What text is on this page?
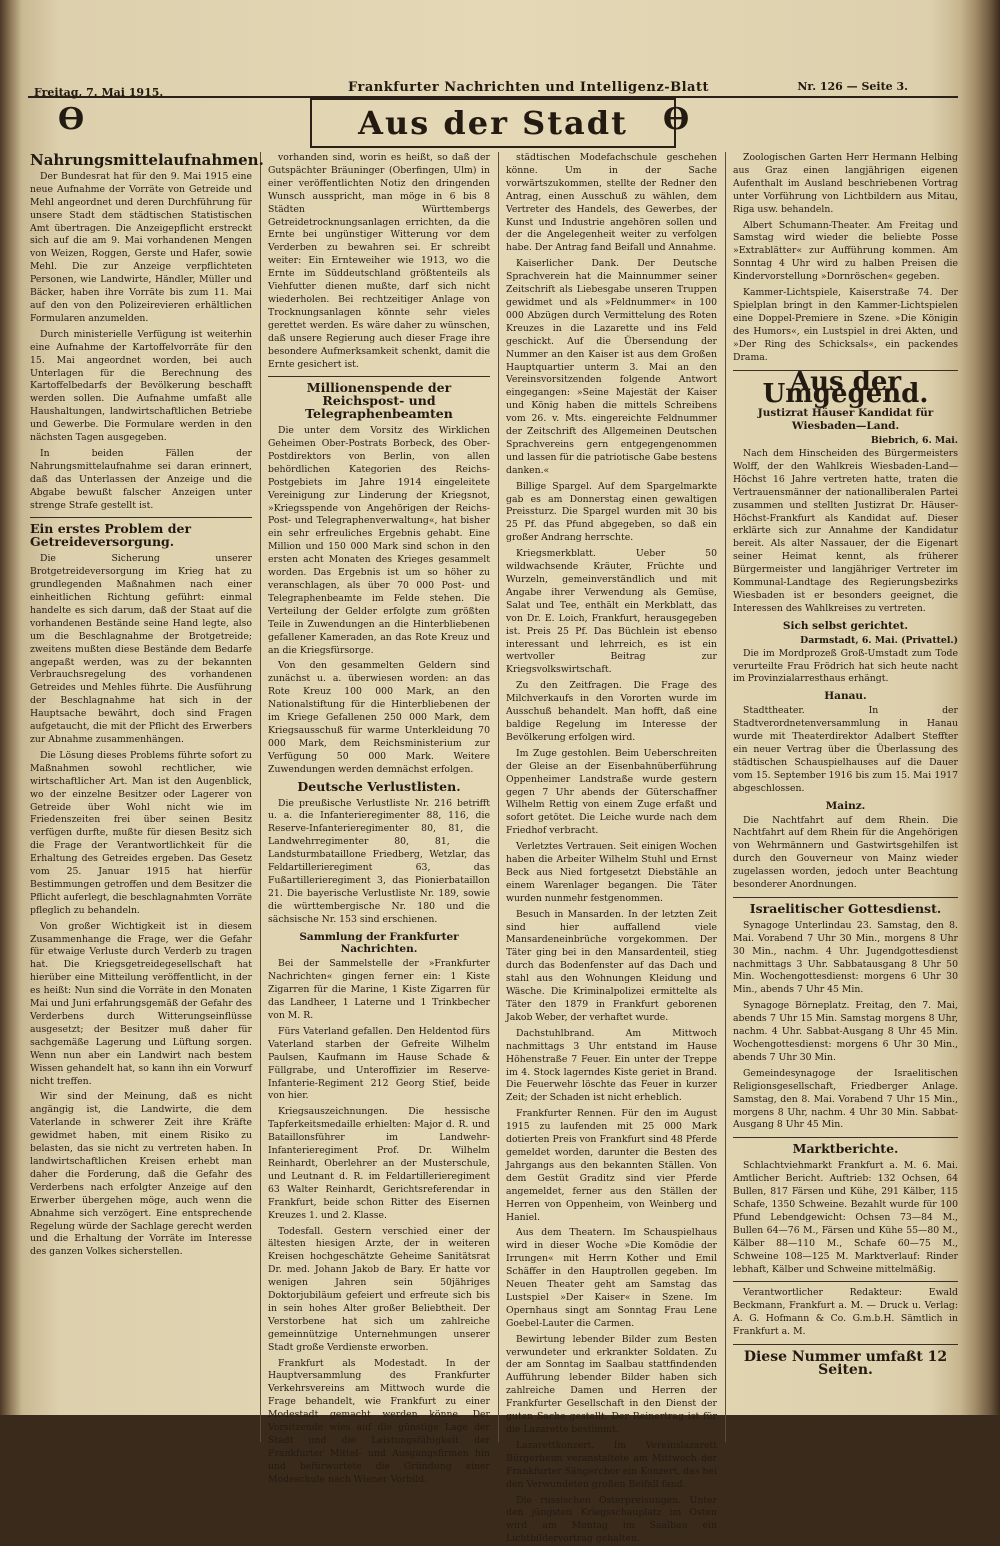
Freitag, 7. Mai 1915.	Frankfurter Nachrichten und Intelligenz-Blatt	Nr. 126 — Seite 3.
Ɵ	Aus der Stadt Ɵ
Nahrungsmittelaufnahmen.

Der Bundesrat hat für den 9. Mai 1915 eine neue Aufnahme der Vorräte von Getreide und Mehl angeordnet und deren Durchführung für unsere Stadt dem städtischen Statistischen Amt übertragen. Die Anzeigepflicht erstreckt sich auf die am 9. Mai vorhandenen Mengen von Weizen, Roggen, Gerste und Hafer, sowie Mehl. Die zur Anzeige verpflichteten Personen, wie Landwirte, Händler, Müller und Bäcker, haben ihre Vorräte bis zum 11. Mai auf den von den Polizeirevieren erhältlichen Formularen anzumelden.

Durch ministerielle Verfügung ist weiterhin eine Aufnahme der Kartoffelvorräte für den 15. Mai angeordnet worden, bei auch Unterlagen für die Berechnung des Kartoffelbedarfs der Bevölkerung beschafft werden sollen. Die Aufnahme umfaßt alle Haushaltungen, landwirtschaftlichen Betriebe und Gewerbe. Die Formulare werden in den nächsten Tagen ausgegeben.

In beiden Fällen der Nahrungsmittelaufnahme sei daran erinnert, daß das Unterlassen der Anzeige und die Abgabe bewußt falscher Anzeigen unter strenge Strafe gestellt ist.

Ein erstes Problem der Getreideversorgung.

Die Sicherung unserer Brotgetreideversorgung im Krieg hat zu grundlegenden Maßnahmen nach einer einheitlichen Richtung geführt: einmal handelte es sich darum, daß der Staat auf die vorhandenen Bestände seine Hand legte, also um die Beschlagnahme der Brotgetreide; zweitens mußten diese Bestände dem Bedarfe angepaßt werden, was zu der bekannten Verbrauchsregelung des vorhandenen Getreides und Mehles führte. Die Ausführung der Beschlagnahme hat sich in der Hauptsache bewährt, doch sind Fragen aufgetaucht, die mit der Pflicht des Erwerbers zur Abnahme zusammenhängen.

Die Lösung dieses Problems führte sofort zu Maßnahmen sowohl rechtlicher, wie wirtschaftlicher Art. Man ist den Augenblick, wo der einzelne Besitzer oder Lagerer von Getreide über Wohl nicht wie im Friedenszeiten frei über seinen Besitz verfügen durfte, mußte für diesen Besitz sich die Frage der Verantwortlichkeit für die Erhaltung des Getreides ergeben. Das Gesetz vom 25. Januar 1915 hat hierfür Bestimmungen getroffen und dem Besitzer die Pflicht auferlegt, die beschlagnahmten Vorräte pfleglich zu behandeln.

Von großer Wichtigkeit ist in diesem Zusammenhange die Frage, wer die Gefahr für etwaige Verluste durch Verderb zu tragen hat. Die Kriegsgetreidegesellschaft hat hierüber eine Mitteilung veröffentlicht, in der es heißt: Nun sind die Vorräte in den Monaten Mai und Juni erfahrungsgemäß der Gefahr des Verderbens durch Witterungseinflüsse ausgesetzt; der Besitzer muß daher für sachgemäße Lagerung und Lüftung sorgen. Wenn nun aber ein Landwirt nach bestem Wissen gehandelt hat, so kann ihn ein Vorwurf nicht treffen.

Wir sind der Meinung, daß es nicht angängig ist, die Landwirte, die dem Vaterlande in schwerer Zeit ihre Kräfte gewidmet haben, mit einem Risiko zu belasten, das sie nicht zu vertreten haben. In landwirtschaftlichen Kreisen erhebt man daher die Forderung, daß die Gefahr des Verderbens nach erfolgter Anzeige auf den Erwerber übergehen möge, auch wenn die Abnahme sich verzögert. Eine entsprechende Regelung würde der Sachlage gerecht werden und die Erhaltung der Vorräte im Interesse des ganzen Volkes sicherstellen.

vorhanden sind, worin es heißt, so daß der Gutspächter Bräuninger (Oberfingen, Ulm) in einer veröffentlichten Notiz den dringenden Wunsch ausspricht, man möge in 6 bis 8 Städten Württembergs Getreidetrocknungsanlagen errichten, da die Ernte bei ungünstiger Witterung vor dem Verderben zu bewahren sei. Er schreibt weiter: Ein Ernteweiher wie 1913, wo die Ernte im Süddeutschland größtenteils als Viehfutter dienen mußte, darf sich nicht wiederholen. Bei rechtzeitiger Anlage von Trocknungsanlagen könnte sehr vieles gerettet werden. Es wäre daher zu wünschen, daß unsere Regierung auch dieser Frage ihre besondere Aufmerksamkeit schenkt, damit die Ernte gesichert ist.

Millionenspende der Reichspost- und Telegraphenbeamten

Die unter dem Vorsitz des Wirklichen Geheimen Ober-Postrats Borbeck, des Ober-Postdirektors von Berlin, von allen behördlichen Kategorien des Reichs-Postgebiets im Jahre 1914 eingeleitete Vereinigung zur Linderung der Kriegsnot, »Kriegsspende von Angehörigen der Reichs-Post- und Telegraphenverwaltung«, hat bisher ein sehr erfreuliches Ergebnis gehabt. Eine Million und 150 000 Mark sind schon in den ersten acht Monaten des Krieges gesammelt worden. Das Ergebnis ist um so höher zu veranschlagen, als über 70 000 Post- und Telegraphenbeamte im Felde stehen. Die Verteilung der Gelder erfolgte zum größten Teile in Zuwendungen an die Hinterbliebenen gefallener Kameraden, an das Rote Kreuz und an die Kriegsfürsorge.

Von den gesammelten Geldern sind zunächst u. a. überwiesen worden: an das Rote Kreuz 100 000 Mark, an den Nationalstiftung für die Hinterbliebenen der im Kriege Gefallenen 250 000 Mark, dem Kriegsausschuß für warme Unterkleidung 70 000 Mark, dem Reichsministerium zur Verfügung 50 000 Mark. Weitere Zuwendungen werden demnächst erfolgen.

Deutsche Verlustlisten.

Die preußische Verlustliste Nr. 216 betrifft u. a. die Infanterieregimenter 88, 116, die Reserve-Infanterieregimenter 80, 81, die Landwehrregimenter 80, 81, die Landsturmbataillone Friedberg, Wetzlar, das Feldartillerieregiment 63, das Fußartillerieregiment 3, das Pionierbataillon 21. Die bayerische Verlustliste Nr. 189, sowie die württembergische Nr. 180 und die sächsische Nr. 153 sind erschienen.

Sammlung der Frankfurter Nachrichten.

Bei der Sammelstelle der »Frankfurter Nachrichten« gingen ferner ein: 1 Kiste Zigarren für die Marine, 1 Kiste Zigarren für das Landheer, 1 Laterne und 1 Trinkbecher von M. R.

Fürs Vaterland gefallen. Den Heldentod fürs Vaterland starben der Gefreite Wilhelm Paulsen, Kaufmann im Hause Schade & Füllgrabe, und Unteroffizier im Reserve-Infanterie-Regiment 212 Georg Stief, beide von hier.

Kriegsauszeichnungen. Die hessische Tapferkeitsmedaille erhielten: Major d. R. und Bataillonsführer im Landwehr-Infanterieregiment Prof. Dr. Wilhelm Reinhardt, Oberlehrer an der Musterschule, und Leutnant d. R. im Feldartillerieregiment 63 Walter Reinhardt, Gerichtsreferendar in Frankfurt, beide schon Ritter des Eisernen Kreuzes 1. und 2. Klasse.

Todesfall. Gestern verschied einer der ältesten hiesigen Arzte, der in weiteren Kreisen hochgeschätzte Geheime Sanitätsrat Dr. med. Johann Jakob de Bary. Er hatte vor wenigen Jahren sein 50jähriges Doktorjubiläum gefeiert und erfreute sich bis in sein hohes Alter großer Beliebtheit. Der Verstorbene hat sich um zahlreiche gemeinnützige Unternehmungen unserer Stadt große Verdienste erworben.

Frankfurt als Modestadt. In der Hauptversammlung des Frankfurter Verkehrsvereins am Mittwoch wurde die Frage behandelt, wie Frankfurt zu einer Modestadt gemacht werden könne. Der Vorsitzende wies auf die günstige Lage der Stadt und die Leistungsfähigkeit der Frankfurter Mittel- und Ausgangsfirmen hin und befürwortete die Gründung einer Modeschule nach Wiener Vorbild.

städtischen Modefachschule geschehen könne. Um in der Sache vorwärtszukommen, stellte der Redner den Antrag, einen Ausschuß zu wählen, dem Vertreter des Handels, des Gewerbes, der Kunst und Industrie angehören sollen und der die Angelegenheit weiter zu verfolgen habe. Der Antrag fand Beifall und Annahme.

Kaiserlicher Dank. Der Deutsche Sprachverein hat die Mainnummer seiner Zeitschrift als Liebesgabe unseren Truppen gewidmet und als »Feldnummer« in 100 000 Abzügen durch Vermittelung des Roten Kreuzes in die Lazarette und ins Feld geschickt. Auf die Übersendung der Nummer an den Kaiser ist aus dem Großen Hauptquartier unterm 3. Mai an den Vereinsvorsitzenden folgende Antwort eingegangen: »Seine Majestät der Kaiser und König haben die mittels Schreibens vom 26. v. Mts. eingereichte Feldnummer der Zeitschrift des Allgemeinen Deutschen Sprachvereins gern entgegengenommen und lassen für die patriotische Gabe bestens danken.«

Billige Spargel. Auf dem Spargelmarkte gab es am Donnerstag einen gewaltigen Preissturz. Die Spargel wurden mit 30 bis 25 Pf. das Pfund abgegeben, so daß ein großer Andrang herrschte.

Kriegsmerkblatt. Ueber 50 wildwachsende Kräuter, Früchte und Wurzeln, gemeinverständlich und mit Angabe ihrer Verwendung als Gemüse, Salat und Tee, enthält ein Merkblatt, das von Dr. E. Loich, Frankfurt, herausgegeben ist. Preis 25 Pf. Das Büchlein ist ebenso interessant und lehrreich, es ist ein wertvoller Beitrag zur Kriegsvolkswirtschaft.

Zu den Zeitfragen. Die Frage des Milchverkaufs in den Vororten wurde im Ausschuß behandelt. Man hofft, daß eine baldige Regelung im Interesse der Bevölkerung erfolgen wird.

Im Zuge gestohlen. Beim Ueberschreiten der Gleise an der Eisenbahnüberführung Oppenheimer Landstraße wurde gestern gegen 7 Uhr abends der Güterschaffner Wilhelm Rettig von einem Zuge erfaßt und sofort getötet. Die Leiche wurde nach dem Friedhof verbracht.

Verletztes Vertrauen. Seit einigen Wochen haben die Arbeiter Wilhelm Stuhl und Ernst Beck aus Nied fortgesetzt Diebstähle an einem Warenlager begangen. Die Täter wurden nunmehr festgenommen.

Besuch in Mansarden. In der letzten Zeit sind hier auffallend viele Mansardeneinbrüche vorgekommen. Der Täter ging bei in den Mansardenteil, stieg durch das Bodenfenster auf das Dach und stahl aus den Wohnungen Kleidung und Wäsche. Die Kriminalpolizei ermittelte als Täter den 1879 in Frankfurt geborenen Jakob Weber, der verhaftet wurde.

Dachstuhlbrand. Am Mittwoch nachmittags 3 Uhr entstand im Hause Höhenstraße 7 Feuer. Ein unter der Treppe im 4. Stock lagerndes Kiste geriet in Brand. Die Feuerwehr löschte das Feuer in kurzer Zeit; der Schaden ist nicht erheblich.

Frankfurter Rennen. Für den im August 1915 zu laufenden mit 25 000 Mark dotierten Preis von Frankfurt sind 48 Pferde gemeldet worden, darunter die Besten des Jahrgangs aus den bekannten Ställen. Von dem Gestüt Graditz sind vier Pferde angemeldet, ferner aus den Ställen der Herren von Oppenheim, von Weinberg und Haniel.

Aus dem Theatern. Im Schauspielhaus wird in dieser Woche »Die Komödie der Irrungen« mit Herrn Kother und Emil Schäffer in den Hauptrollen gegeben. Im Neuen Theater geht am Samstag das Lustspiel »Der Kaiser« in Szene. Im Opernhaus singt am Sonntag Frau Lene Goebel-Lauter die Carmen.

Bewirtung lebender Bilder zum Besten verwundeter und erkrankter Soldaten. Zu der am Sonntag im Saalbau stattfindenden Aufführung lebender Bilder haben sich zahlreiche Damen und Herren der Frankfurter Gesellschaft in den Dienst der guten Sache gestellt. Der Reinertrag ist für die Lazarette bestimmt.

Lazarettkonzert. Im Vereinslazarett Bürgerheim veranstaltete am Mittwoch der Frankfurter Sängerchor ein Konzert, das bei den Verwundeten großen Beifall fand.

Die russischen Osterpreisungen. Unter den jüngsten Kriegsschauplatz im Osten wird am Montag im Saalbau ein Lichtbildervortrag gehalten.

Zoologischen Garten Herr Hermann Helbing aus Graz einen langjährigen eigenen Aufenthalt im Ausland beschriebenen Vortrag unter Vorführung von Lichtbildern aus Mitau, Riga usw. behandeln.

Albert Schumann-Theater. Am Freitag und Samstag wird wieder die beliebte Posse »Extrablätter« zur Aufführung kommen. Am Sonntag 4 Uhr wird zu halben Preisen die Kindervorstellung »Dornröschen« gegeben.

Kammer-Lichtspiele, Kaiserstraße 74. Der Spielplan bringt in den Kammer-Lichtspielen eine Doppel-Premiere in Szene. »Die Königin des Humors«, ein Lustspiel in drei Akten, und »Der Ring des Schicksals«, ein packendes Drama.

Aus der Umgegend.
Justizrat Häuser Kandidat für Wiesbaden—Land.
Biebrich, 6. Mai.

Nach dem Hinscheiden des Bürgermeisters Wolff, der den Wahlkreis Wiesbaden-Land—Höchst 16 Jahre vertreten hatte, traten die Vertrauensmänner der nationalliberalen Partei zusammen und stellten Justizrat Dr. Häuser-Höchst-Frankfurt als Kandidat auf. Dieser erklärte sich zur Annahme der Kandidatur bereit. Als alter Nassauer, der die Eigenart seiner Heimat kennt, als früherer Bürgermeister und langjähriger Vertreter im Kommunal-Landtage des Regierungsbezirks Wiesbaden ist er besonders geeignet, die Interessen des Wahlkreises zu vertreten.

Sich selbst gerichtet.
Darmstadt, 6. Mai. (Privattel.)

Die im Mordprozeß Groß-Umstadt zum Tode verurteilte Frau Frödrich hat sich heute nacht im Provinzialarresthaus erhängt.

Hanau.

Stadttheater. In der Stadtverordnetenversammlung in Hanau wurde mit Theaterdirektor Adalbert Steffter ein neuer Vertrag über die Überlassung des städtischen Schauspielhauses auf die Dauer vom 15. September 1916 bis zum 15. Mai 1917 abgeschlossen.

Mainz.

Die Nachtfahrt auf dem Rhein. Die Nachtfahrt auf dem Rhein für die Angehörigen von Wehrmännern und Gastwirtsgehilfen ist durch den Gouverneur von Mainz wieder zugelassen worden, jedoch unter Beachtung besonderer Anordnungen.

Israelitischer Gottesdienst.

Synagoge Unterlindau 23. Samstag, den 8. Mai. Vorabend 7 Uhr 30 Min., morgens 8 Uhr 30 Min., nachm. 4 Uhr. Jugendgottesdienst nachmittags 3 Uhr. Sabbatausgang 8 Uhr 50 Min. Wochengottesdienst: morgens 6 Uhr 30 Min., abends 7 Uhr 45 Min.

Synagoge Börneplatz. Freitag, den 7. Mai, abends 7 Uhr 15 Min. Samstag morgens 8 Uhr, nachm. 4 Uhr. Sabbat-Ausgang 8 Uhr 45 Min. Wochengottesdienst: morgens 6 Uhr 30 Min., abends 7 Uhr 30 Min.

Gemeindesynagoge der Israelitischen Religionsgesellschaft, Friedberger Anlage. Samstag, den 8. Mai. Vorabend 7 Uhr 15 Min., morgens 8 Uhr, nachm. 4 Uhr 30 Min. Sabbat-Ausgang 8 Uhr 45 Min.

Marktberichte.

Schlachtviehmarkt Frankfurt a. M. 6. Mai. Amtlicher Bericht. Auftrieb: 132 Ochsen, 64 Bullen, 817 Färsen und Kühe, 291 Kälber, 115 Schafe, 1350 Schweine. Bezahlt wurde für 100 Pfund Lebendgewicht: Ochsen 73—84 M., Bullen 64—76 M., Färsen und Kühe 55—80 M., Kälber 88—110 M., Schafe 60—75 M., Schweine 108—125 M. Marktverlauf: Rinder lebhaft, Kälber und Schweine mittelmäßig.

Verantwortlicher Redakteur: Ewald Beckmann, Frankfurt a. M. — Druck u. Verlag: A. G. Hofmann & Co. G.m.b.H. Sämtlich in Frankfurt a. M.

Diese Nummer umfaßt 12 Seiten.
